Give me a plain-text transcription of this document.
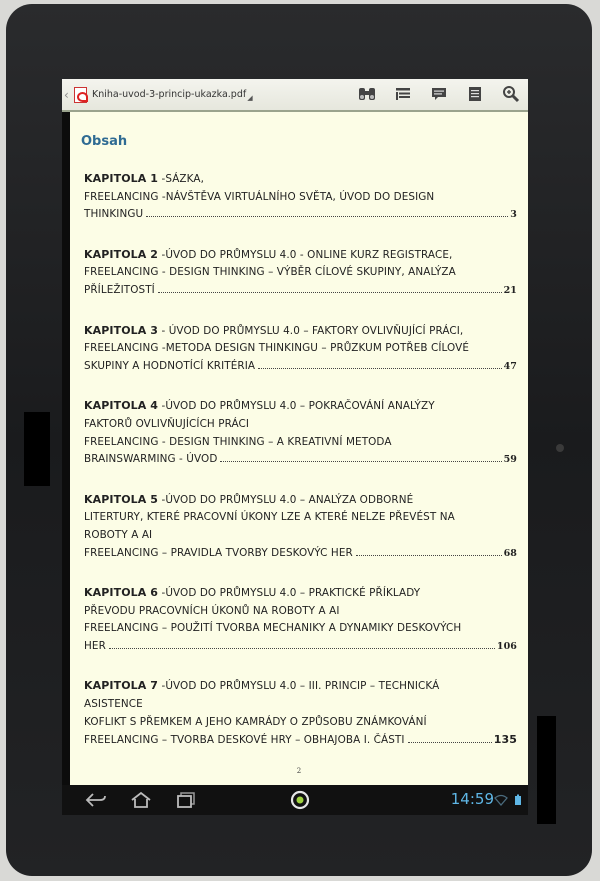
‹	Kniha-uvod-3-princip-ukazka.pdf ◢
Obsah
KAPITOLA 1 -SÁZKA,
FREELANCING -NÁVŠTĚVA VIRTUÁLNÍHO SVĚTA, ÚVOD DO DESIGN
THINKINGU	3
KAPITOLA 2 -ÚVOD DO PRŮMYSLU 4.0 - ONLINE KURZ REGISTRACE,
FREELANCING - DESIGN THINKING – VÝBĚR CÍLOVÉ SKUPINY, ANALÝZA
PŘÍLEŽITOSTÍ	21
KAPITOLA 3 - ÚVOD DO PRŮMYSLU 4.0 – FAKTORY OVLIVŇUJÍCÍ PRÁCI,
FREELANCING -METODA DESIGN THINKINGU – PRŮZKUM POTŘEB CÍLOVÉ
SKUPINY A HODNOTÍCÍ KRITÉRIA	47
KAPITOLA 4 -ÚVOD DO PRŮMYSLU 4.0 – POKRAČOVÁNÍ ANALÝZY
FAKTORŮ OVLIVŇUJÍCÍCH PRÁCI
FREELANCING - DESIGN THINKING – A KREATIVNÍ METODA
BRAINSWARMING - ÚVOD	59
KAPITOLA 5 -ÚVOD DO PRŮMYSLU 4.0 – ANALÝZA ODBORNÉ
LITERTURY, KTERÉ PRACOVNÍ ÚKONY LZE A KTERÉ NELZE PŘEVÉST NA
ROBOTY A AI
FREELANCING – PRAVIDLA TVORBY DESKOVÝC HER	68
KAPITOLA 6 -ÚVOD DO PRŮMYSLU 4.0 – PRAKTICKÉ PŘÍKLADY
PŘEVODU PRACOVNÍCH ÚKONŮ NA ROBOTY A AI
FREELANCING – POUŽITÍ TVORBA MECHANIKY A DYNAMIKY DESKOVÝCH
HER	106
KAPITOLA 7 -ÚVOD DO PRŮMYSLU 4.0 – III. PRINCIP – TECHNICKÁ
ASISTENCE
KOFLIKT S PŘEMKEM A JEHO KAMRÁDY O ZPŮSOBU ZNÁMKOVÁNÍ
FREELANCING – TVORBA DESKOVÉ HRY – OBHAJOBA I. ČÁSTI	135
2
14:59
